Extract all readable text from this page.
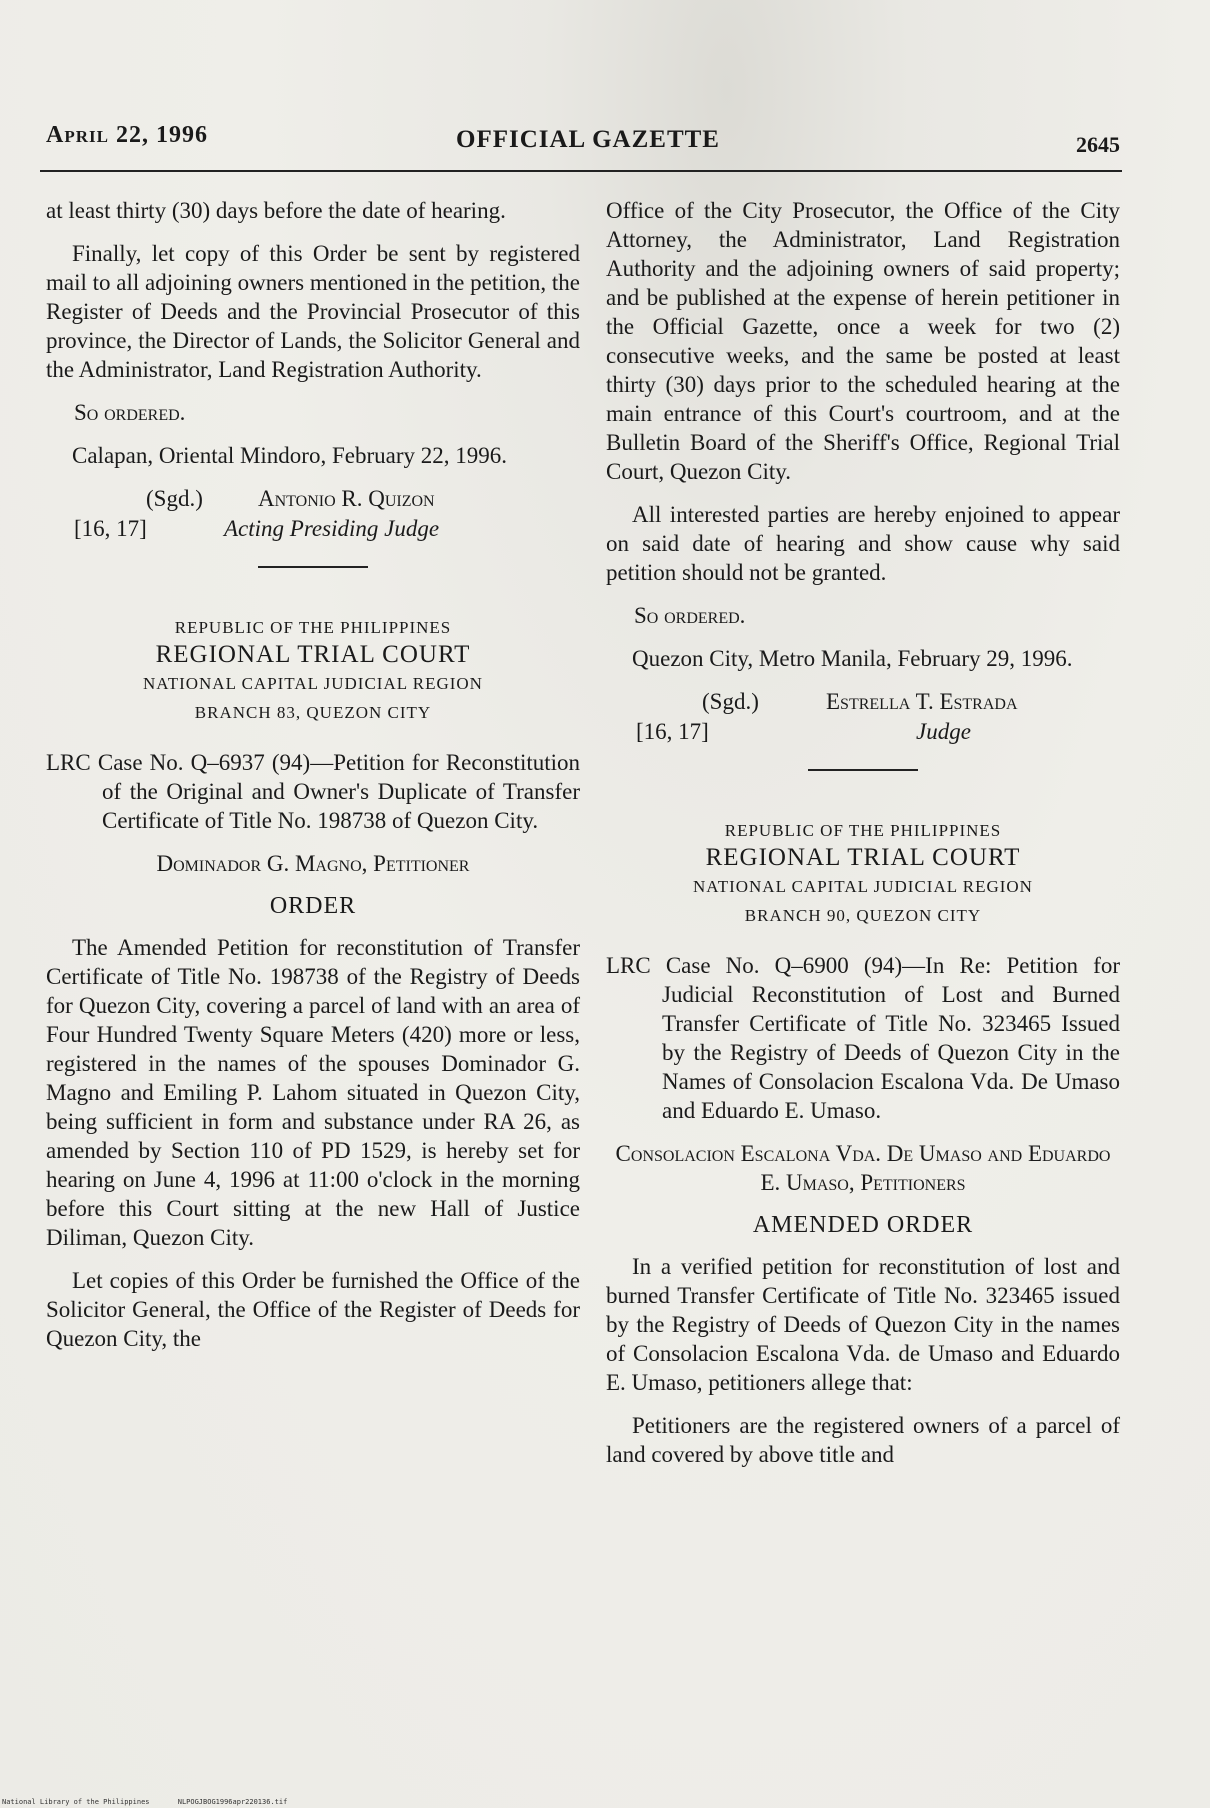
April 22, 1996	OFFICIAL GAZETTE	2645

at least thirty (30) days before the date of hearing.

Finally, let copy of this Order be sent by registered mail to all adjoining owners mentioned in the petition, the Register of Deeds and the Provincial Prosecutor of this province, the Director of Lands, the Solicitor General and the Administrator, Land Registration Authority.

So ordered.

Calapan, Oriental Mindoro, February 22, 1996.

(Sgd.) Antonio R. Quizon
[16, 17]	Acting Presiding Judge

REPUBLIC OF THE PHILIPPINES
REGIONAL TRIAL COURT
NATIONAL CAPITAL JUDICIAL REGION
BRANCH 83, QUEZON CITY

LRC Case No. Q–6937 (94)—Petition for Reconstitution of the Original and Owner's Duplicate of Transfer Certificate of Title No. 198738 of Quezon City.

Dominador G. Magno, Petitioner

ORDER

The Amended Petition for reconstitution of Transfer Certificate of Title No. 198738 of the Registry of Deeds for Quezon City, covering a parcel of land with an area of Four Hundred Twenty Square Meters (420) more or less, registered in the names of the spouses Dominador G. Magno and Emiling P. Lahom situated in Quezon City, being sufficient in form and substance under RA 26, as amended by Section 110 of PD 1529, is hereby set for hearing on June 4, 1996 at 11:00 o'clock in the morning before this Court sitting at the new Hall of Justice Diliman, Quezon City.

Let copies of this Order be furnished the Office of the Solicitor General, the Office of the Register of Deeds for Quezon City, the

Office of the City Prosecutor, the Office of the City Attorney, the Administrator, Land Registration Authority and the adjoining owners of said property; and be published at the expense of herein petitioner in the Official Gazette, once a week for two (2) consecutive weeks, and the same be posted at least thirty (30) days prior to the scheduled hearing at the main entrance of this Court's courtroom, and at the Bulletin Board of the Sheriff's Office, Regional Trial Court, Quezon City.

All interested parties are hereby enjoined to appear on said date of hearing and show cause why said petition should not be granted.

So ordered.

Quezon City, Metro Manila, February 29, 1996.

(Sgd.)	Estrella T. Estrada
[16, 17]	Judge

REPUBLIC OF THE PHILIPPINES
REGIONAL TRIAL COURT
NATIONAL CAPITAL JUDICIAL REGION
BRANCH 90, QUEZON CITY

LRC Case No. Q–6900 (94)—In Re: Petition for Judicial Reconstitution of Lost and Burned Transfer Certificate of Title No. 323465 Issued by the Registry of Deeds of Quezon City in the Names of Consolacion Escalona Vda. De Umaso and Eduardo E. Umaso.

Consolacion Escalona Vda. De Umaso and Eduardo E. Umaso, Petitioners

AMENDED ORDER

In a verified petition for reconstitution of lost and burned Transfer Certificate of Title No. 323465 issued by the Registry of Deeds of Quezon City in the names of Consolacion Escalona Vda. de Umaso and Eduardo E. Umaso, petitioners allege that:

Petitioners are the registered owners of a parcel of land covered by above title and

National Library of the Philippines	NLPOGJBOG1996apr220136.tif
